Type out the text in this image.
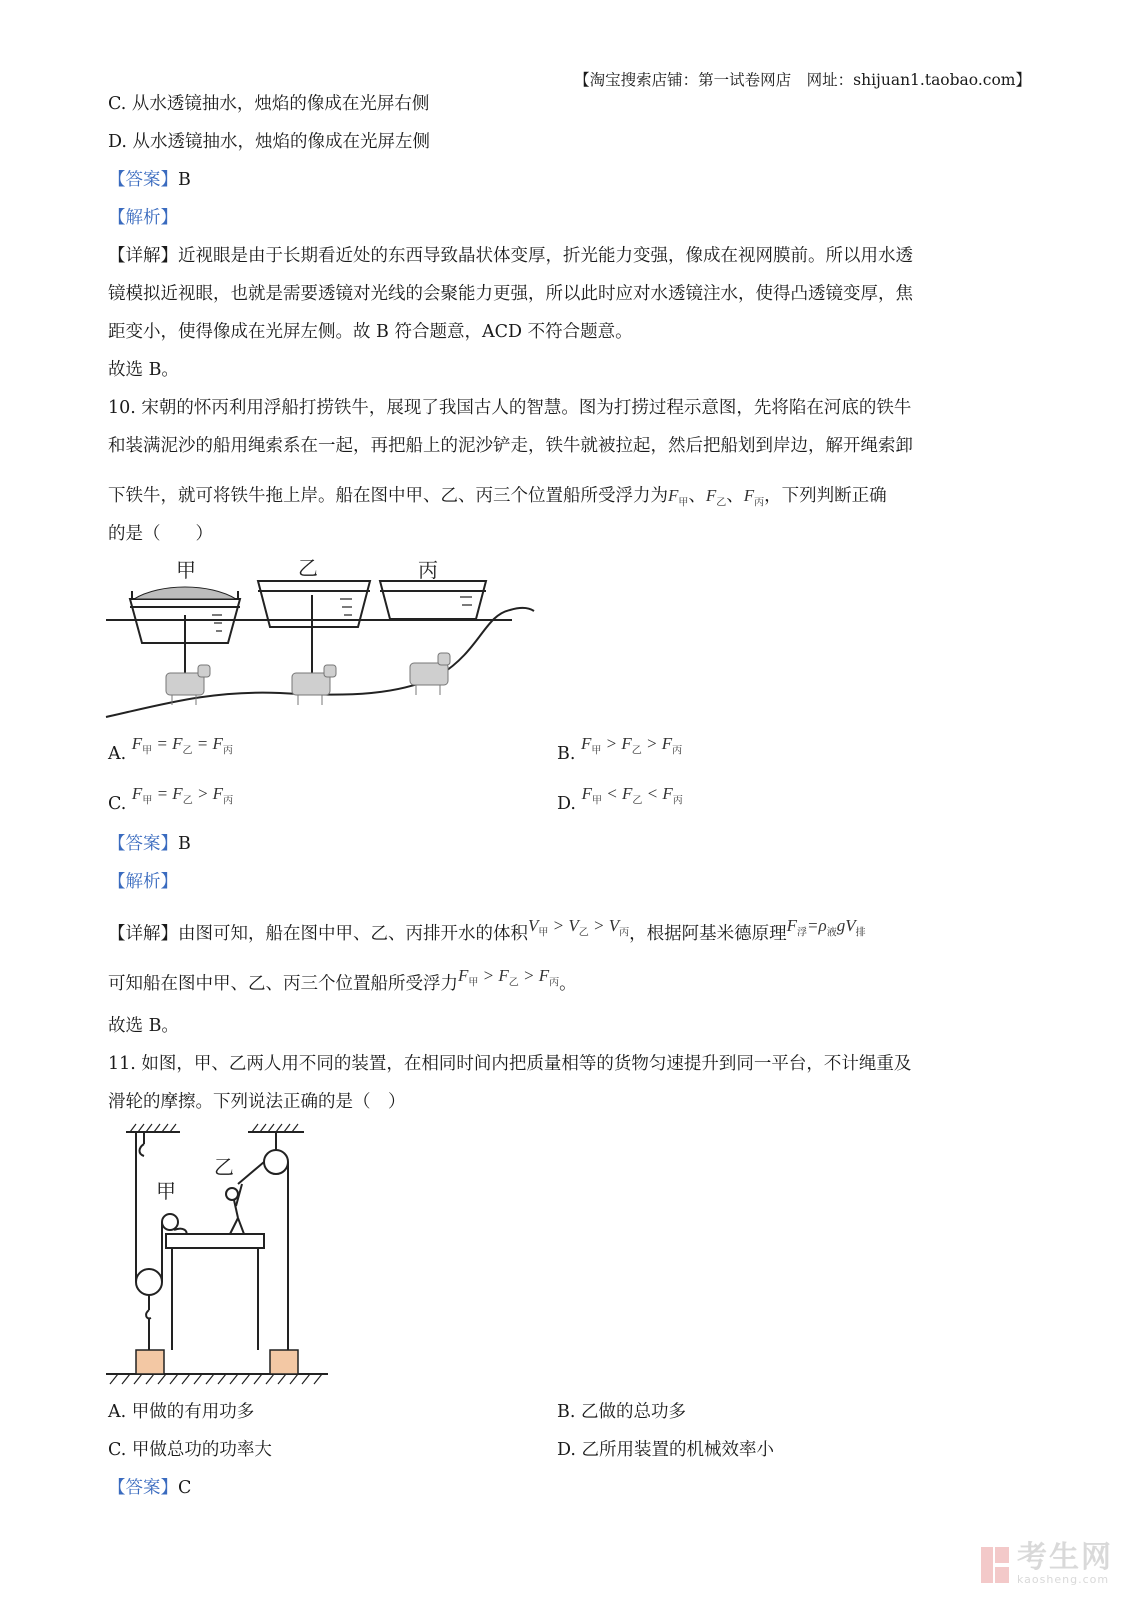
【淘宝搜索店铺：第一试卷网店　网址：shijuan1.taobao.com】
C. 从水透镜抽水，烛焰的像成在光屏右侧
D. 从水透镜抽水，烛焰的像成在光屏左侧
【答案】B
【解析】
【详解】近视眼是由于长期看近处的东西导致晶状体变厚，折光能力变强，像成在视网膜前。所以用水透
镜模拟近视眼，也就是需要透镜对光线的会聚能力更强，所以此时应对水透镜注水，使得凸透镜变厚，焦
距变小，使得像成在光屏左侧。故 B 符合题意，ACD 不符合题意。
故选 B。
10. 宋朝的怀丙利用浮船打捞铁牛，展现了我国古人的智慧。图为打捞过程示意图，先将陷在河底的铁牛
和装满泥沙的船用绳索系在一起，再把船上的泥沙铲走，铁牛就被拉起，然后把船划到岸边，解开绳索卸
下铁牛，就可将铁牛拖上岸。船在图中甲、乙、丙三个位置船所受浮力为$F_甲$、$F_乙$、$F_丙$，下列判断正确
的是（　　）
甲	乙	丙
A. $F_甲 = F_乙 = F_丙$	B. $F_甲 > F_乙 > F_丙$
C. $F_甲 = F_乙 > F_丙$	D. $F_甲 < F_乙 < F_丙$
【答案】B
【解析】
【详解】由图可知，船在图中甲、乙、丙排开水的体积$V_甲 > V_乙 > V_丙$，根据阿基米德原理$F_浮=\rho_液gV_排$
可知船在图中甲、乙、丙三个位置船所受浮力$F_甲 > F_乙 > F_丙$。
故选 B。
11. 如图，甲、乙两人用不同的装置，在相同时间内把质量相等的货物匀速提升到同一平台，不计绳重及
滑轮的摩擦。下列说法正确的是（　）
甲
乙
A. 甲做的有用功多	B. 乙做的总功多
C. 甲做总功的功率大	D. 乙所用装置的机械效率小
【答案】C
考生网
kaosheng.com
